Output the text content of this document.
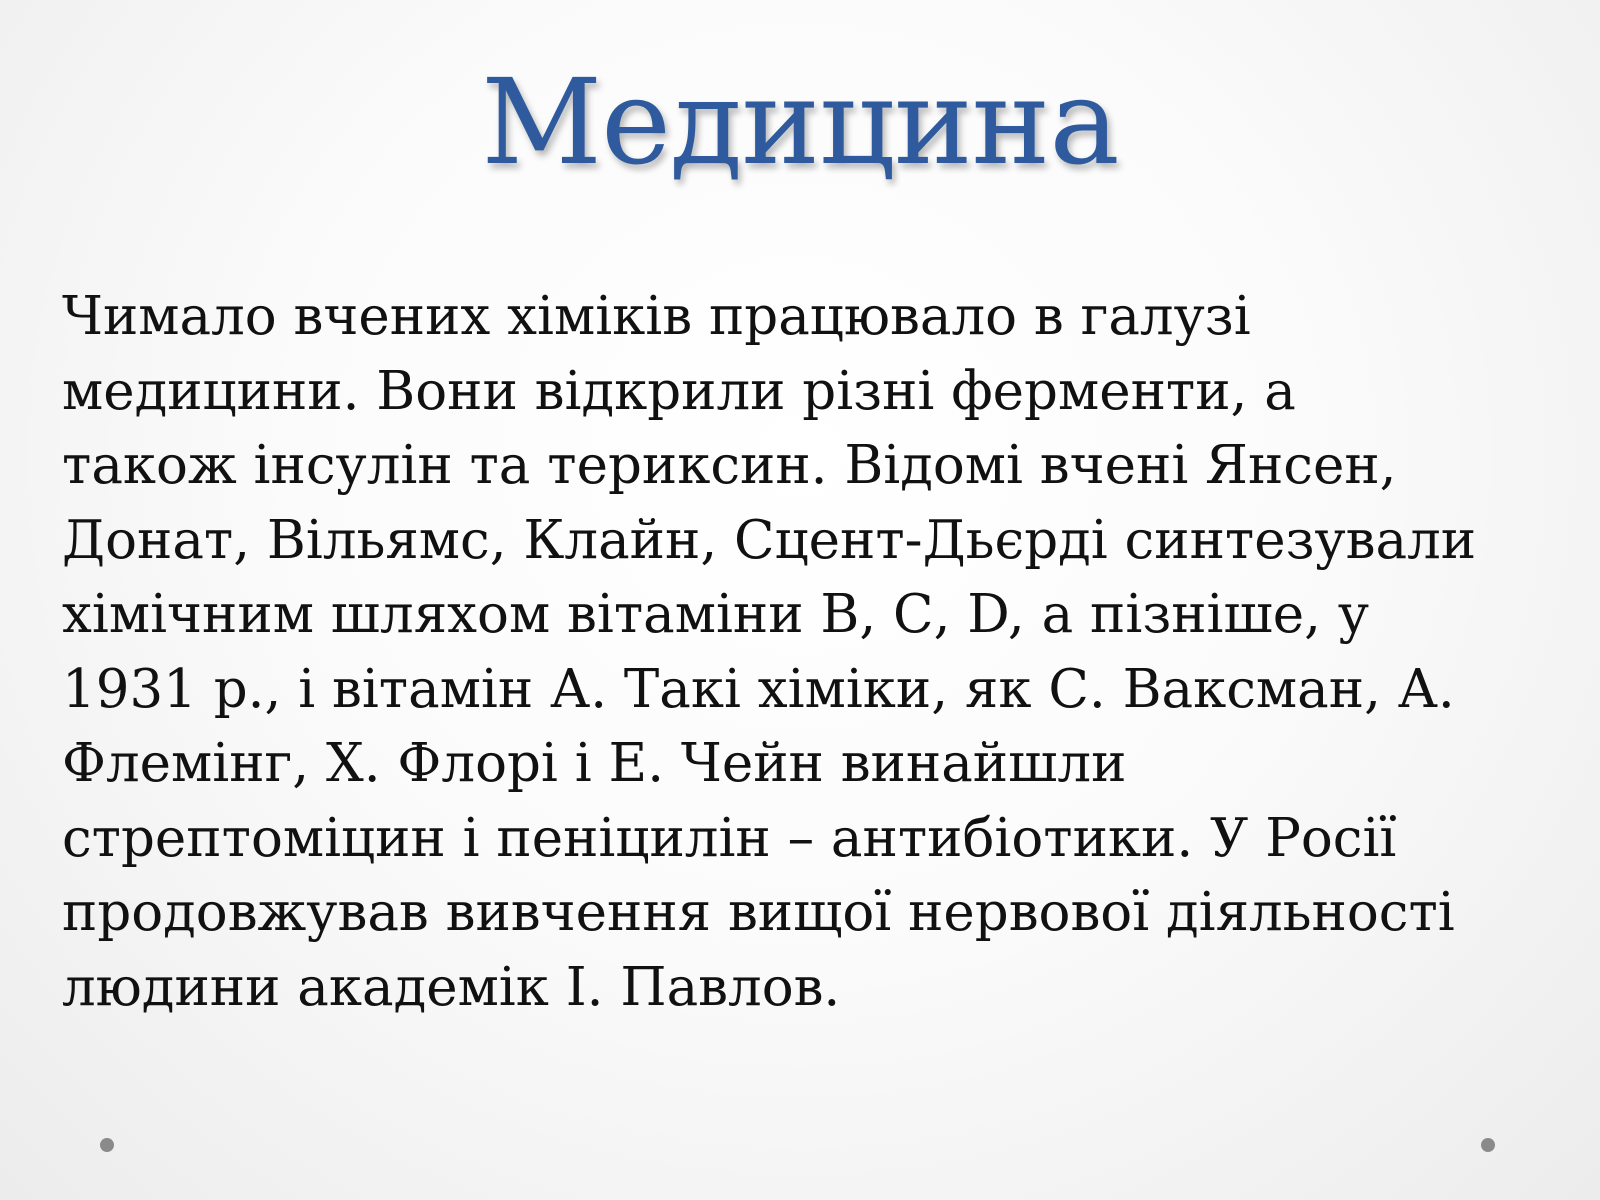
Медицина

Чимало вчених хіміків працювало в галузі
медицини. Вони відкрили різні ферменти, а
також інсулін та териксин. Відомі вчені Янсен,
Донат, Вільямс, Клайн, Сцент-Дьєрді синтезували
хімічним шляхом вітаміни В, С, D, а пізніше, у
1931 р., і вітамін А. Такі хіміки, як С. Ваксман, А.
Флемінг, Х. Флорі і Е. Чейн винайшли
стрептоміцин і пеніцилін – антибіотики. У Росії
продовжував вивчення вищої нервової діяльності
людини академік І. Павлов.
